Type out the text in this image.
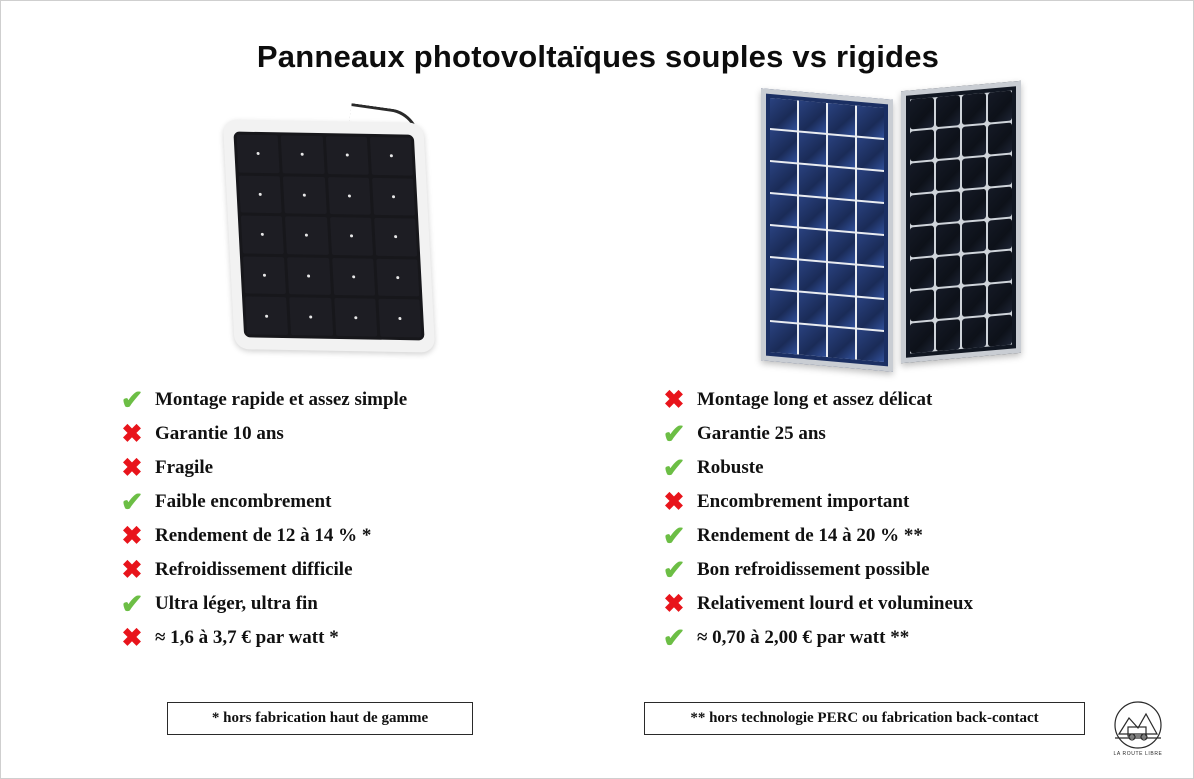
Panneaux photovoltaïques souples vs rigides
✔ Montage rapide et assez simple
✖ Garantie 10 ans
✖ Fragile
✔ Faible encombrement
✖ Rendement de 12 à 14 % *
✖ Refroidissement difficile
✔ Ultra léger, ultra fin
✖ ≈ 1,6 à 3,7 € par watt *
✖ Montage long et assez délicat
✔ Garantie 25 ans
✔ Robuste
✖ Encombrement important
✔ Rendement de 14 à 20 % **
✔ Bon refroidissement possible
✖ Relativement lourd et volumineux
✔ ≈ 0,70 à 2,00 € par watt **
* hors fabrication haut de gamme	** hors technologie PERC ou fabrication back-contact
LA ROUTE LIBRE
